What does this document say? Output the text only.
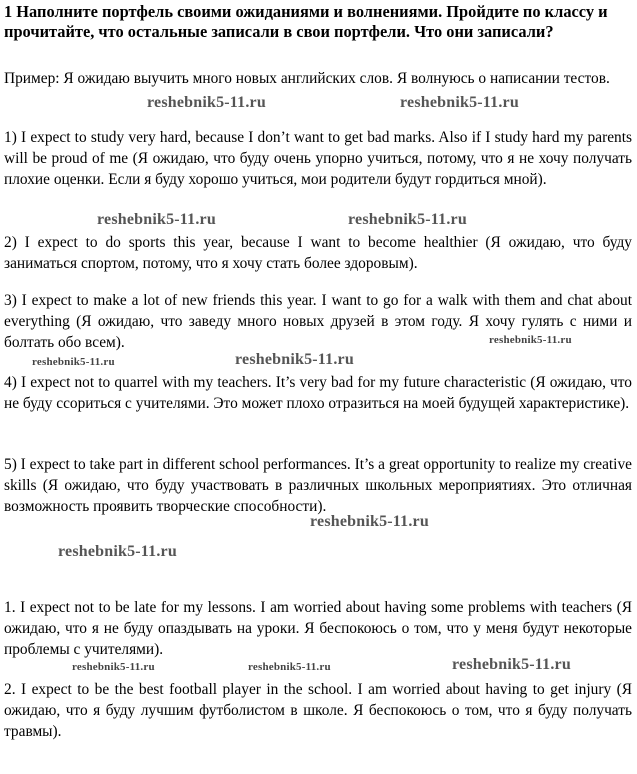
1 Наполните портфель своими ожиданиями и волнениями. Пройдите по классу и прочитайте, что остальные записали в свои портфели. Что они записали?

Пример: Я ожидаю выучить много новых английских слов. Я волнуюсь о написании тестов.

1) I expect to study very hard, because I don’t want to get bad marks. Also if I study hard my parents will be proud of me (Я ожидаю, что буду очень упорно учиться, потому, что я не хочу получать плохие оценки. Если я буду хорошо учиться, мои родители будут гордиться мной).

2) I expect to do sports this year, because I want to become healthier (Я ожидаю, что буду заниматься спортом, потому, что я хочу стать более здоровым).

3) I expect to make a lot of new friends this year. I want to go for a walk with them and chat about everything (Я ожидаю, что заведу много новых друзей в этом году. Я хочу гулять с ними и болтать обо всем).

4) I expect not to quarrel with my teachers. It’s very bad for my future characteristic (Я ожидаю, что не буду ссориться с учителями. Это может плохо отразиться на моей будущей характеристике).

5) I expect to take part in different school performances. It’s a great opportunity to realize my creative skills (Я ожидаю, что буду участвовать в различных школьных мероприятиях. Это отличная возможность проявить творческие способности).

1. I expect not to be late for my lessons. I am worried about having some problems with teachers (Я ожидаю, что я не буду опаздывать на уроки. Я беспокоюсь о том, что у меня будут некоторые проблемы с учителями).

2. I expect to be the best football player in the school. I am worried about having to get injury (Я ожидаю, что я буду лучшим футболистом в школе. Я беспокоюсь о том, что я буду получать травмы).

reshebnik5-11.ru	reshebnik5-11.ru
reshebnik5-11.ru	reshebnik5-11.ru
reshebnik5-11.ru
reshebnik5-11.ru	reshebnik5-11.ru
reshebnik5-11.ru
reshebnik5-11.ru
reshebnik5-11.ru	reshebnik5-11.ru	reshebnik5-11.ru
